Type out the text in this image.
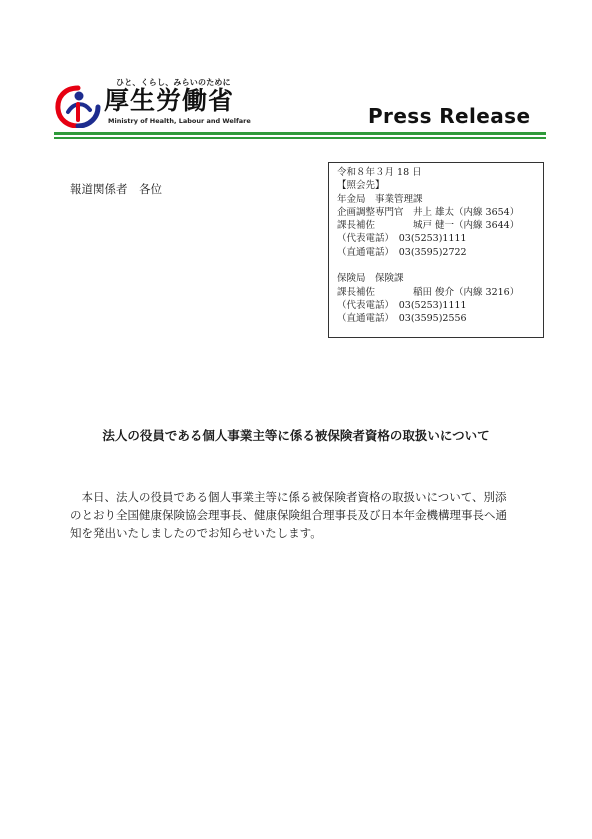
ひと、くらし、みらいのために
厚生労働省
Ministry of Health, Labour and Welfare	Press Release
報道関係者　各位
令和８年３月 18 日
【照会先】
年金局　事業管理課
企画調整専門官　井上 雄太（内線 3654）
課長補佐　　　　城戸 健一（内線 3644）
（代表電話）　03(5253)1111
（直通電話）　03(3595)2722
保険局　保険課
課長補佐　　　　稲田 俊介（内線 3216）
（代表電話）　03(5253)1111
（直通電話）　03(3595)2556
法人の役員である個人事業主等に係る被保険者資格の取扱いについて
　本日、法人の役員である個人事業主等に係る被保険者資格の取扱いについて、別添
のとおり全国健康保険協会理事長、健康保険組合理事長及び日本年金機構理事長へ通
知を発出いたしましたのでお知らせいたします。
